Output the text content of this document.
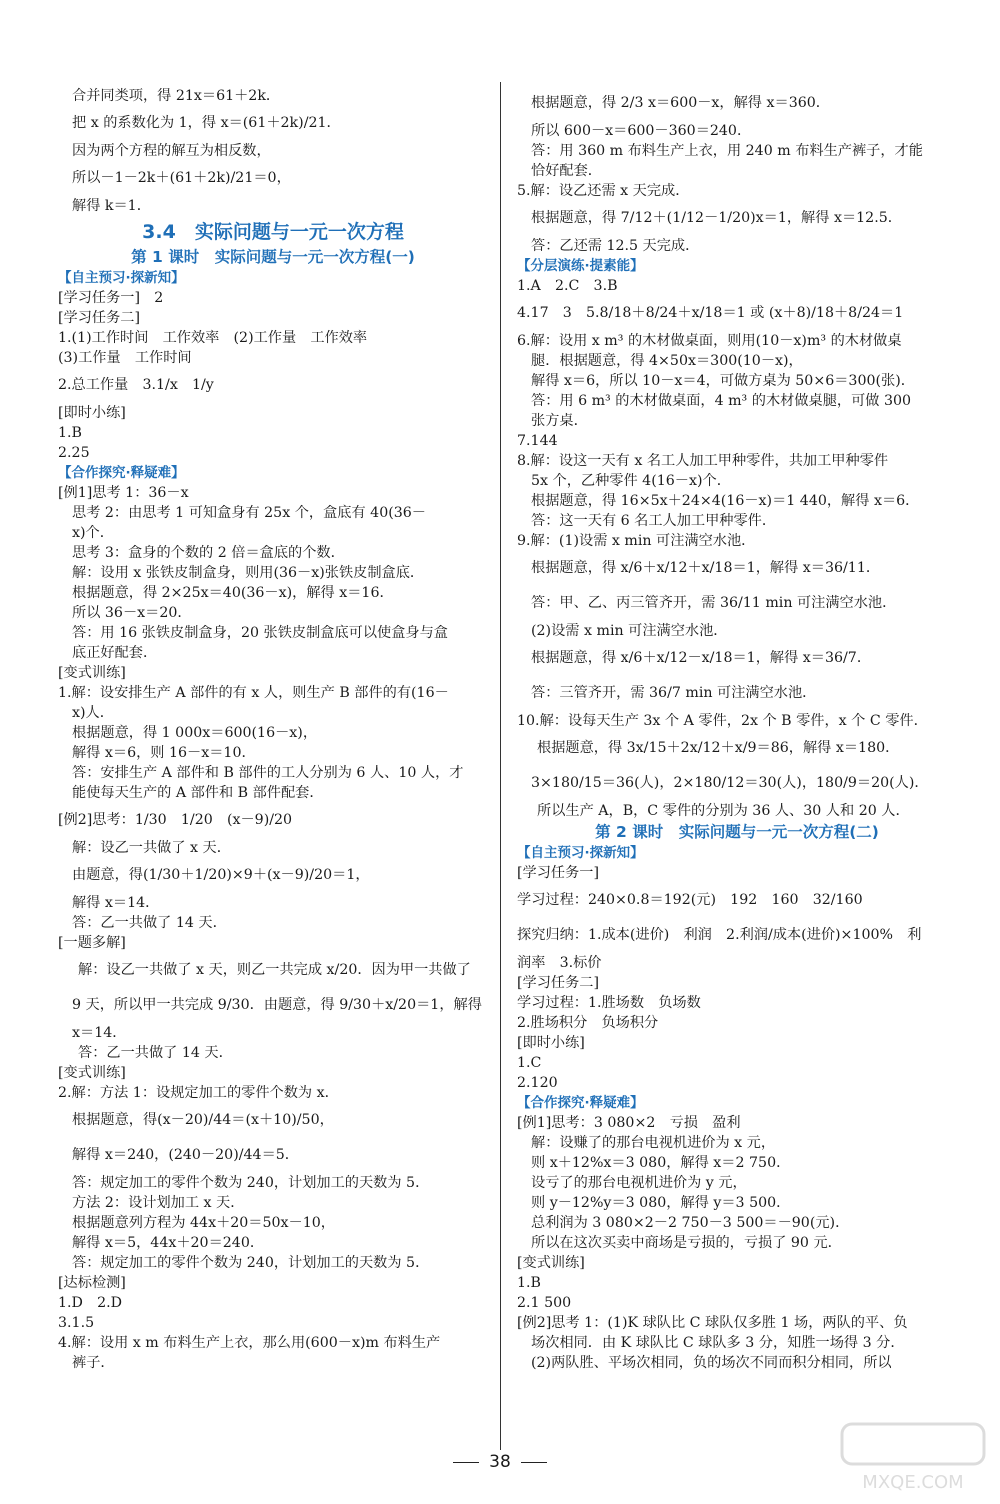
合并同类项，得 21x＝61＋2k．
把 x 的系数化为 1，得 x＝(61＋2k)/21．
因为两个方程的解互为相反数，
所以－1－2k＋(61＋2k)/21＝0，
解得 k＝1．
3.4　实际问题与一元一次方程
第 1 课时　实际问题与一元一次方程(一)
【自主预习·探新知】
[学习任务一]　2
[学习任务二]
1.(1)工作时间　工作效率　(2)工作量　工作效率
(3)工作量　工作时间
2.总工作量　3.1/x　1/y
[即时小练]
1.B
2.25
【合作探究·释疑难】
[例1]思考 1：36－x
思考 2：由思考 1 可知盒身有 25x 个，盒底有 40(36－
x)个．
思考 3：盒身的个数的 2 倍＝盒底的个数．
解：设用 x 张铁皮制盒身，则用(36－x)张铁皮制盒底．
根据题意，得 2×25x＝40(36－x)，解得 x＝16．
所以 36－x＝20．
答：用 16 张铁皮制盒身，20 张铁皮制盒底可以使盒身与盒
底正好配套．
[变式训练]
1.解：设安排生产 A 部件的有 x 人，则生产 B 部件的有(16－
x)人．
根据题意，得 1 000x＝600(16－x)，
解得 x＝6，则 16－x＝10．
答：安排生产 A 部件和 B 部件的工人分别为 6 人、10 人，才
能使每天生产的 A 部件和 B 部件配套．
[例2]思考：1/30　1/20　(x－9)/20
解：设乙一共做了 x 天．
由题意，得(1/30＋1/20)×9＋(x－9)/20＝1，
解得 x＝14．
答：乙一共做了 14 天．
[一题多解]
解：设乙一共做了 x 天，则乙一共完成 x/20．因为甲一共做了
9 天，所以甲一共完成 9/30．由题意，得 9/30＋x/20＝1，解得
x＝14．
答：乙一共做了 14 天．
[变式训练]
2.解：方法 1：设规定加工的零件个数为 x．
根据题意，得(x－20)/44＝(x＋10)/50，
解得 x＝240，(240－20)/44＝5．
答：规定加工的零件个数为 240，计划加工的天数为 5．
方法 2：设计划加工 x 天．
根据题意列方程为 44x＋20＝50x－10，
解得 x＝5，44x＋20＝240．
答：规定加工的零件个数为 240，计划加工的天数为 5．
[达标检测]
1.D　2.D
3.1.5
4.解：设用 x m 布料生产上衣，那么用(600－x)m 布料生产
裤子．
根据题意，得 2/3 x＝600－x，解得 x＝360．
所以 600－x＝600－360＝240．
答：用 360 m 布料生产上衣，用 240 m 布料生产裤子，才能
恰好配套．
5.解：设乙还需 x 天完成．
根据题意，得 7/12＋(1/12－1/20)x＝1，解得 x＝12.5．
答：乙还需 12.5 天完成．
【分层演练·提素能】
1.A　2.C　3.B
4.17　3　5.8/18＋8/24＋x/18＝1 或 (x＋8)/18＋8/24＝1
6.解：设用 x m³ 的木材做桌面，则用(10－x)m³ 的木材做桌
腿．根据题意，得 4×50x＝300(10－x)，
解得 x＝6，所以 10－x＝4，可做方桌为 50×6＝300(张)．
答：用 6 m³ 的木材做桌面，4 m³ 的木材做桌腿，可做 300
张方桌．
7.144
8.解：设这一天有 x 名工人加工甲种零件，共加工甲种零件
5x 个，乙种零件 4(16－x)个．
根据题意，得 16×5x＋24×4(16－x)＝1 440，解得 x＝6．
答：这一天有 6 名工人加工甲种零件．
9.解：(1)设需 x min 可注满空水池．
根据题意，得 x/6＋x/12＋x/18＝1，解得 x＝36/11．
答：甲、乙、丙三管齐开，需 36/11 min 可注满空水池．
(2)设需 x min 可注满空水池．
根据题意，得 x/6＋x/12－x/18＝1，解得 x＝36/7．
答：三管齐开，需 36/7 min 可注满空水池．
10.解：设每天生产 3x 个 A 零件，2x 个 B 零件，x 个 C 零件．
根据题意，得 3x/15＋2x/12＋x/9＝86，解得 x＝180．
3×180/15＝36(人)，2×180/12＝30(人)，180/9＝20(人)．
所以生产 A，B，C 零件的分别为 36 人、30 人和 20 人．
第 2 课时　实际问题与一元一次方程(二)
【自主预习·探新知】
[学习任务一]
学习过程：240×0.8＝192(元)　192　160　32/160
探究归纳：1.成本(进价)　利润　2.利润/成本(进价)×100%　利
润率　3.标价
[学习任务二]
学习过程：1.胜场数　负场数
2.胜场积分　负场积分
[即时小练]
1.C
2.120
【合作探究·释疑难】
[例1]思考：3 080×2　亏损　盈利
解：设赚了的那台电视机进价为 x 元，
则 x＋12%x＝3 080，解得 x＝2 750．
设亏了的那台电视机进价为 y 元，
则 y－12%y＝3 080，解得 y＝3 500．
总利润为 3 080×2－2 750－3 500＝－90(元)．
所以在这次买卖中商场是亏损的，亏损了 90 元．
[变式训练]
1.B
2.1 500
[例2]思考 1：(1)K 球队比 C 球队仅多胜 1 场，两队的平、负
场次相同．由 K 球队比 C 球队多 3 分，知胜一场得 3 分．
(2)两队胜、平场次相同，负的场次不同而积分相同，所以
38
MXQE.COM
